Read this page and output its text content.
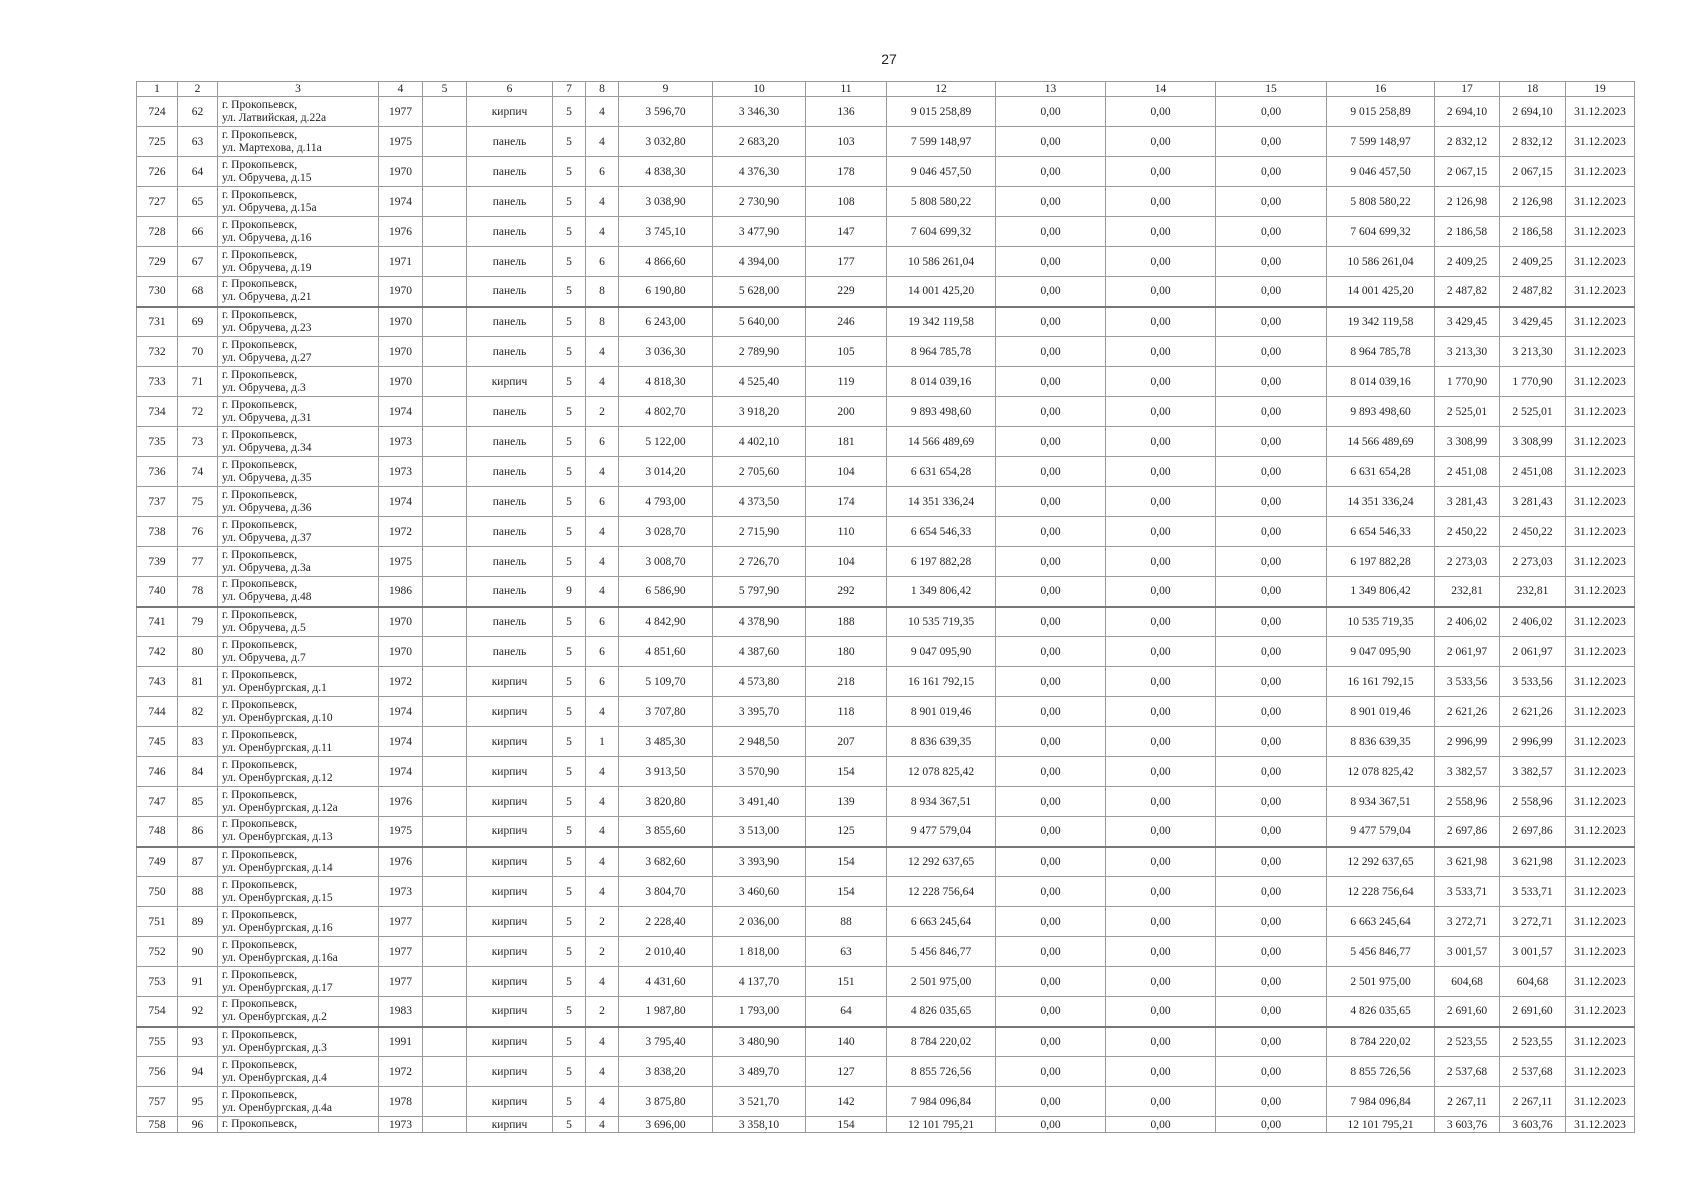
27
1	2	3	4	5	6	7	8	9	10	11	12	13	14	15	16	17	18	19
724	62	г. Прокопьевск,
ул. Латвийская, д.22а	1977		кирпич	5	4	3 596,70	3 346,30	136	9 015 258,89	0,00	0,00	0,00	9 015 258,89	2 694,10	2 694,10	31.12.2023
725	63	г. Прокопьевск,
ул. Мартехова, д.11а	1975		панель	5	4	3 032,80	2 683,20	103	7 599 148,97	0,00	0,00	0,00	7 599 148,97	2 832,12	2 832,12	31.12.2023
726	64	г. Прокопьевск,
ул. Обручева, д.15	1970		панель	5	6	4 838,30	4 376,30	178	9 046 457,50	0,00	0,00	0,00	9 046 457,50	2 067,15	2 067,15	31.12.2023
727	65	г. Прокопьевск,
ул. Обручева, д.15а	1974		панель	5	4	3 038,90	2 730,90	108	5 808 580,22	0,00	0,00	0,00	5 808 580,22	2 126,98	2 126,98	31.12.2023
728	66	г. Прокопьевск,
ул. Обручева, д.16	1976		панель	5	4	3 745,10	3 477,90	147	7 604 699,32	0,00	0,00	0,00	7 604 699,32	2 186,58	2 186,58	31.12.2023
729	67	г. Прокопьевск,
ул. Обручева, д.19	1971		панель	5	6	4 866,60	4 394,00	177	10 586 261,04	0,00	0,00	0,00	10 586 261,04	2 409,25	2 409,25	31.12.2023
730	68	г. Прокопьевск,
ул. Обручева, д.21	1970		панель	5	8	6 190,80	5 628,00	229	14 001 425,20	0,00	0,00	0,00	14 001 425,20	2 487,82	2 487,82	31.12.2023
731	69	г. Прокопьевск,
ул. Обручева, д.23	1970		панель	5	8	6 243,00	5 640,00	246	19 342 119,58	0,00	0,00	0,00	19 342 119,58	3 429,45	3 429,45	31.12.2023
732	70	г. Прокопьевск,
ул. Обручева, д.27	1970		панель	5	4	3 036,30	2 789,90	105	8 964 785,78	0,00	0,00	0,00	8 964 785,78	3 213,30	3 213,30	31.12.2023
733	71	г. Прокопьевск,
ул. Обручева, д.3	1970		кирпич	5	4	4 818,30	4 525,40	119	8 014 039,16	0,00	0,00	0,00	8 014 039,16	1 770,90	1 770,90	31.12.2023
734	72	г. Прокопьевск,
ул. Обручева, д.31	1974		панель	5	2	4 802,70	3 918,20	200	9 893 498,60	0,00	0,00	0,00	9 893 498,60	2 525,01	2 525,01	31.12.2023
735	73	г. Прокопьевск,
ул. Обручева, д.34	1973		панель	5	6	5 122,00	4 402,10	181	14 566 489,69	0,00	0,00	0,00	14 566 489,69	3 308,99	3 308,99	31.12.2023
736	74	г. Прокопьевск,
ул. Обручева, д.35	1973		панель	5	4	3 014,20	2 705,60	104	6 631 654,28	0,00	0,00	0,00	6 631 654,28	2 451,08	2 451,08	31.12.2023
737	75	г. Прокопьевск,
ул. Обручева, д.36	1974		панель	5	6	4 793,00	4 373,50	174	14 351 336,24	0,00	0,00	0,00	14 351 336,24	3 281,43	3 281,43	31.12.2023
738	76	г. Прокопьевск,
ул. Обручева, д.37	1972		панель	5	4	3 028,70	2 715,90	110	6 654 546,33	0,00	0,00	0,00	6 654 546,33	2 450,22	2 450,22	31.12.2023
739	77	г. Прокопьевск,
ул. Обручева, д.3а	1975		панель	5	4	3 008,70	2 726,70	104	6 197 882,28	0,00	0,00	0,00	6 197 882,28	2 273,03	2 273,03	31.12.2023
740	78	г. Прокопьевск,
ул. Обручева, д.48	1986		панель	9	4	6 586,90	5 797,90	292	1 349 806,42	0,00	0,00	0,00	1 349 806,42	232,81	232,81	31.12.2023
741	79	г. Прокопьевск,
ул. Обручева, д.5	1970		панель	5	6	4 842,90	4 378,90	188	10 535 719,35	0,00	0,00	0,00	10 535 719,35	2 406,02	2 406,02	31.12.2023
742	80	г. Прокопьевск,
ул. Обручева, д.7	1970		панель	5	6	4 851,60	4 387,60	180	9 047 095,90	0,00	0,00	0,00	9 047 095,90	2 061,97	2 061,97	31.12.2023
743	81	г. Прокопьевск,
ул. Оренбургская, д.1	1972		кирпич	5	6	5 109,70	4 573,80	218	16 161 792,15	0,00	0,00	0,00	16 161 792,15	3 533,56	3 533,56	31.12.2023
744	82	г. Прокопьевск,
ул. Оренбургская, д.10	1974		кирпич	5	4	3 707,80	3 395,70	118	8 901 019,46	0,00	0,00	0,00	8 901 019,46	2 621,26	2 621,26	31.12.2023
745	83	г. Прокопьевск,
ул. Оренбургская, д.11	1974		кирпич	5	1	3 485,30	2 948,50	207	8 836 639,35	0,00	0,00	0,00	8 836 639,35	2 996,99	2 996,99	31.12.2023
746	84	г. Прокопьевск,
ул. Оренбургская, д.12	1974		кирпич	5	4	3 913,50	3 570,90	154	12 078 825,42	0,00	0,00	0,00	12 078 825,42	3 382,57	3 382,57	31.12.2023
747	85	г. Прокопьевск,
ул. Оренбургская, д.12а	1976		кирпич	5	4	3 820,80	3 491,40	139	8 934 367,51	0,00	0,00	0,00	8 934 367,51	2 558,96	2 558,96	31.12.2023
748	86	г. Прокопьевск,
ул. Оренбургская, д.13	1975		кирпич	5	4	3 855,60	3 513,00	125	9 477 579,04	0,00	0,00	0,00	9 477 579,04	2 697,86	2 697,86	31.12.2023
749	87	г. Прокопьевск,
ул. Оренбургская, д.14	1976		кирпич	5	4	3 682,60	3 393,90	154	12 292 637,65	0,00	0,00	0,00	12 292 637,65	3 621,98	3 621,98	31.12.2023
750	88	г. Прокопьевск,
ул. Оренбургская, д.15	1973		кирпич	5	4	3 804,70	3 460,60	154	12 228 756,64	0,00	0,00	0,00	12 228 756,64	3 533,71	3 533,71	31.12.2023
751	89	г. Прокопьевск,
ул. Оренбургская, д.16	1977		кирпич	5	2	2 228,40	2 036,00	88	6 663 245,64	0,00	0,00	0,00	6 663 245,64	3 272,71	3 272,71	31.12.2023
752	90	г. Прокопьевск,
ул. Оренбургская, д.16а	1977		кирпич	5	2	2 010,40	1 818,00	63	5 456 846,77	0,00	0,00	0,00	5 456 846,77	3 001,57	3 001,57	31.12.2023
753	91	г. Прокопьевск,
ул. Оренбургская, д.17	1977		кирпич	5	4	4 431,60	4 137,70	151	2 501 975,00	0,00	0,00	0,00	2 501 975,00	604,68	604,68	31.12.2023
754	92	г. Прокопьевск,
ул. Оренбургская, д.2	1983		кирпич	5	2	1 987,80	1 793,00	64	4 826 035,65	0,00	0,00	0,00	4 826 035,65	2 691,60	2 691,60	31.12.2023
755	93	г. Прокопьевск,
ул. Оренбургская, д.3	1991		кирпич	5	4	3 795,40	3 480,90	140	8 784 220,02	0,00	0,00	0,00	8 784 220,02	2 523,55	2 523,55	31.12.2023
756	94	г. Прокопьевск,
ул. Оренбургская, д.4	1972		кирпич	5	4	3 838,20	3 489,70	127	8 855 726,56	0,00	0,00	0,00	8 855 726,56	2 537,68	2 537,68	31.12.2023
757	95	г. Прокопьевск,
ул. Оренбургская, д.4а	1978		кирпич	5	4	3 875,80	3 521,70	142	7 984 096,84	0,00	0,00	0,00	7 984 096,84	2 267,11	2 267,11	31.12.2023
758	96	г. Прокопьевск,	1973		кирпич	5	4	3 696,00	3 358,10	154	12 101 795,21	0,00	0,00	0,00	12 101 795,21	3 603,76	3 603,76	31.12.2023
